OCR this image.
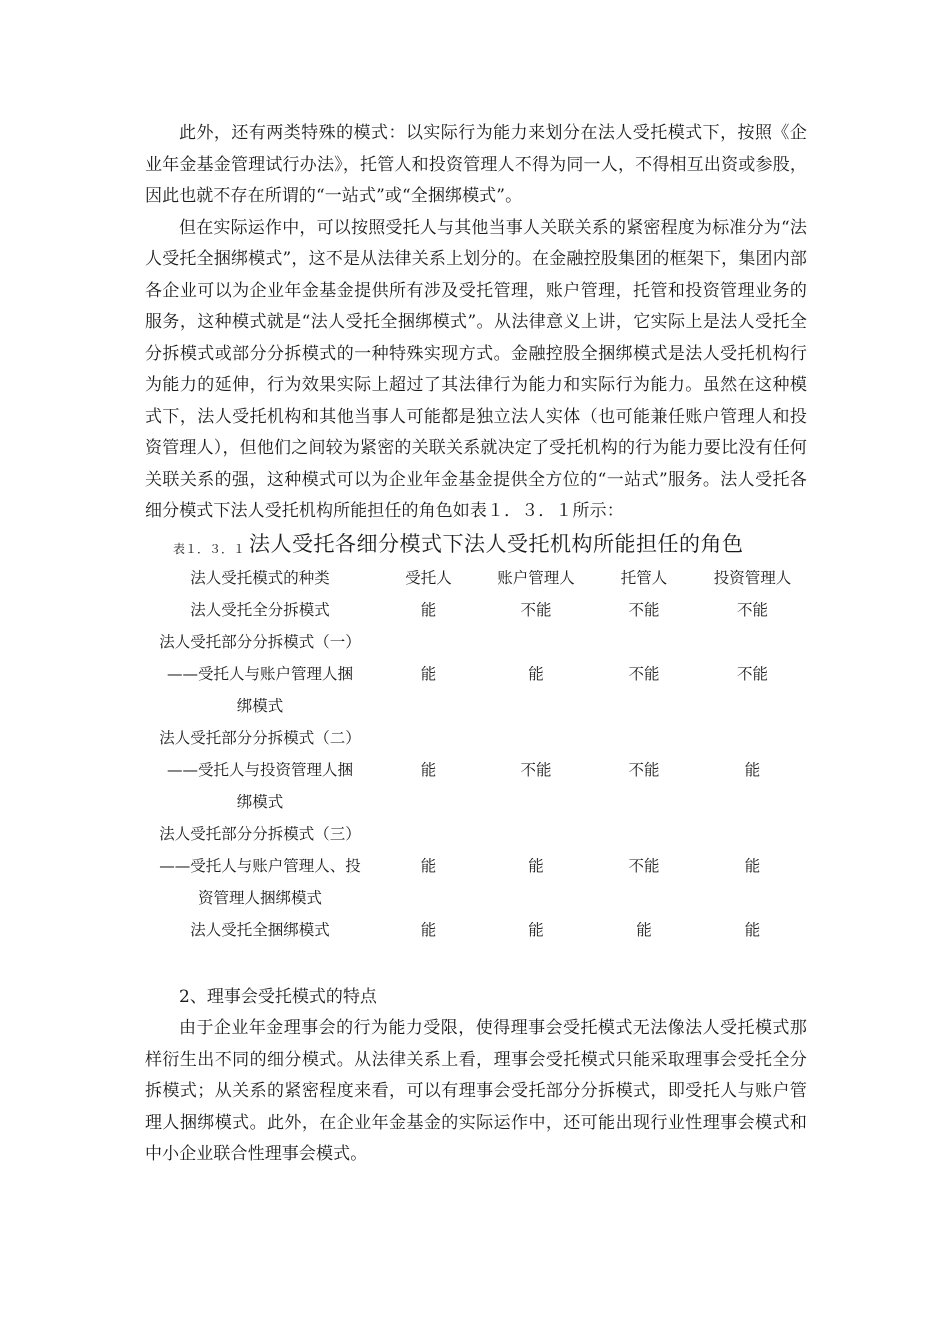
此外，还有两类特殊的模式：以实际行为能力来划分在法人受托模式下，按照《企业年金基金管理试行办法》，托管人和投资管理人不得为同一人，不得相互出资或参股，因此也就不存在所谓的“一站式”或“全捆绑模式”。

但在实际运作中，可以按照受托人与其他当事人关联关系的紧密程度为标准分为“法人受托全捆绑模式”，这不是从法律关系上划分的。在金融控股集团的框架下，集团内部各企业可以为企业年金基金提供所有涉及受托管理，账户管理，托管和投资管理业务的服务，这种模式就是“法人受托全捆绑模式”。从法律意义上讲，它实际上是法人受托全分拆模式或部分分拆模式的一种特殊实现方式。金融控股全捆绑模式是法人受托机构行为能力的延伸，行为效果实际上超过了其法律行为能力和实际行为能力。虽然在这种模式下，法人受托机构和其他当事人可能都是独立法人实体（也可能兼任账户管理人和投资管理人），但他们之间较为紧密的关联关系就决定了受托机构的行为能力要比没有任何关联关系的强，这种模式可以为企业年金基金提供全方位的“一站式”服务。法人受托各细分模式下法人受托机构所能担任的角色如表１．３．１所示：

表１．３．１ 法人受托各细分模式下法人受托机构所能担任的角色
法人受托模式的种类	受托人	账户管理人	托管人	投资管理人

法人受托全分拆模式	能	不能	不能	不能

法人受托部分分拆模式（一）
——受托人与账户管理人捆
绑模式	能	能	不能	不能

法人受托部分分拆模式（二）
——受托人与投资管理人捆
绑模式	能	不能	不能	能

法人受托部分分拆模式（三）
——受托人与账户管理人、投
资管理人捆绑模式	能	能	不能	能

法人受托全捆绑模式	能	能	能	能

2、理事会受托模式的特点

由于企业年金理事会的行为能力受限，使得理事会受托模式无法像法人受托模式那样衍生出不同的细分模式。从法律关系上看，理事会受托模式只能采取理事会受托全分拆模式；从关系的紧密程度来看，可以有理事会受托部分分拆模式，即受托人与账户管理人捆绑模式。此外，在企业年金基金的实际运作中，还可能出现行业性理事会模式和中小企业联合性理事会模式。
